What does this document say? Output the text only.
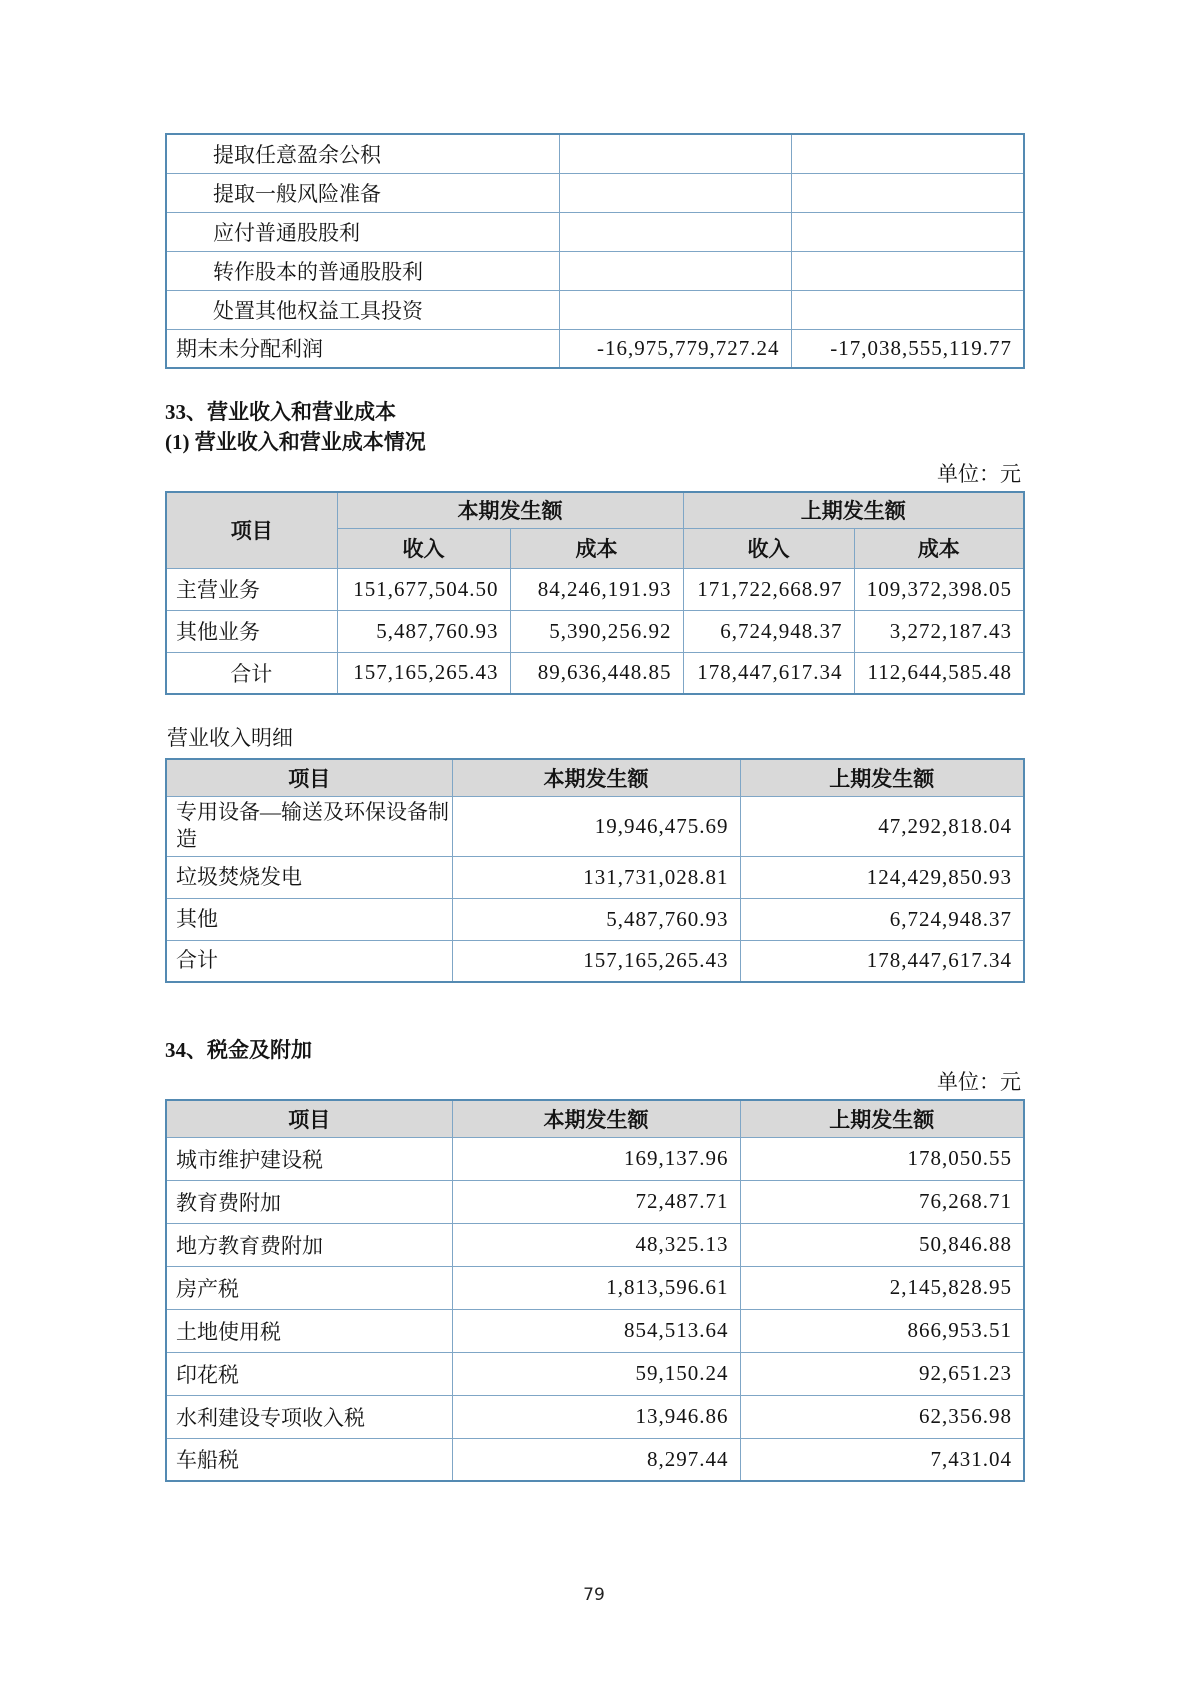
提取任意盈余公积		
提取一般风险准备		
应付普通股股利		
转作股本的普通股股利		
处置其他权益工具投资		
期末未分配利润	-16,975,779,727.24	-17,038,555,119.77

33、营业收入和营业成本

(1) 营业收入和营业成本情况

单位：元
项目	本期发生额		上期发生额	
	收入	成本	收入	成本
主营业务	151,677,504.50	84,246,191.93	171,722,668.97	109,372,398.05
其他业务	5,487,760.93	5,390,256.92	6,724,948.37	3,272,187.43
合计	157,165,265.43	89,636,448.85	178,447,617.34	112,644,585.48
营业收入明细
项目	本期发生额	上期发生额
专用设备—输送及环保设备制造	19,946,475.69	47,292,818.04
垃圾焚烧发电	131,731,028.81	124,429,850.93
其他	5,487,760.93	6,724,948.37
合计	157,165,265.43	178,447,617.34

34、税金及附加

单位：元
项目	本期发生额	上期发生额
城市维护建设税	169,137.96	178,050.55
教育费附加	72,487.71	76,268.71
地方教育费附加	48,325.13	50,846.88
房产税	1,813,596.61	2,145,828.95
土地使用税	854,513.64	866,953.51
印花税	59,150.24	92,651.23
水利建设专项收入税	13,946.86	62,356.98
车船税	8,297.44	7,431.04
79
